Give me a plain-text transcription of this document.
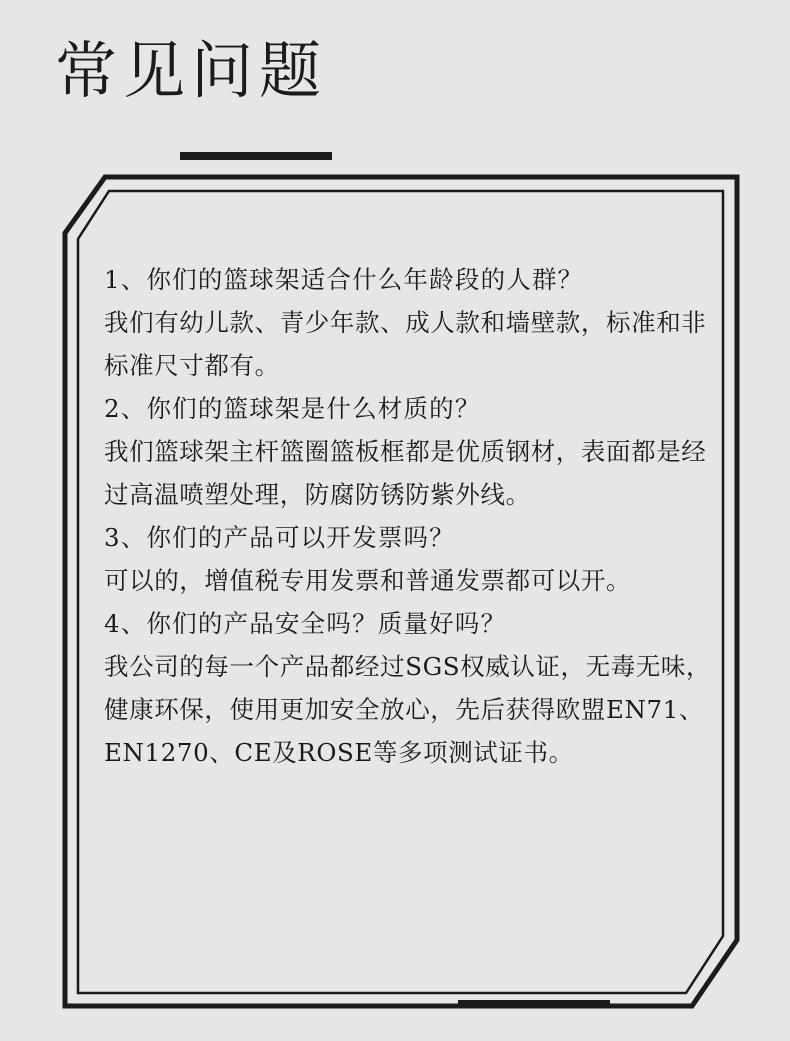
常见问题

1、你们的篮球架适合什么年龄段的人群？

我们有幼儿款、青少年款、成人款和墙壁款，标准和非标准尺寸都有。

2、你们的篮球架是什么材质的？

我们篮球架主杆篮圈篮板框都是优质钢材，表面都是经过高温喷塑处理，防腐防锈防紫外线。

3、你们的产品可以开发票吗？

可以的，增值税专用发票和普通发票都可以开。

4、你们的产品安全吗？质量好吗？

我公司的每一个产品都经过SGS权威认证，无毒无味，健康环保，使用更加安全放心，先后获得欧盟EN71、EN1270、CE及ROSE等多项测试证书。
